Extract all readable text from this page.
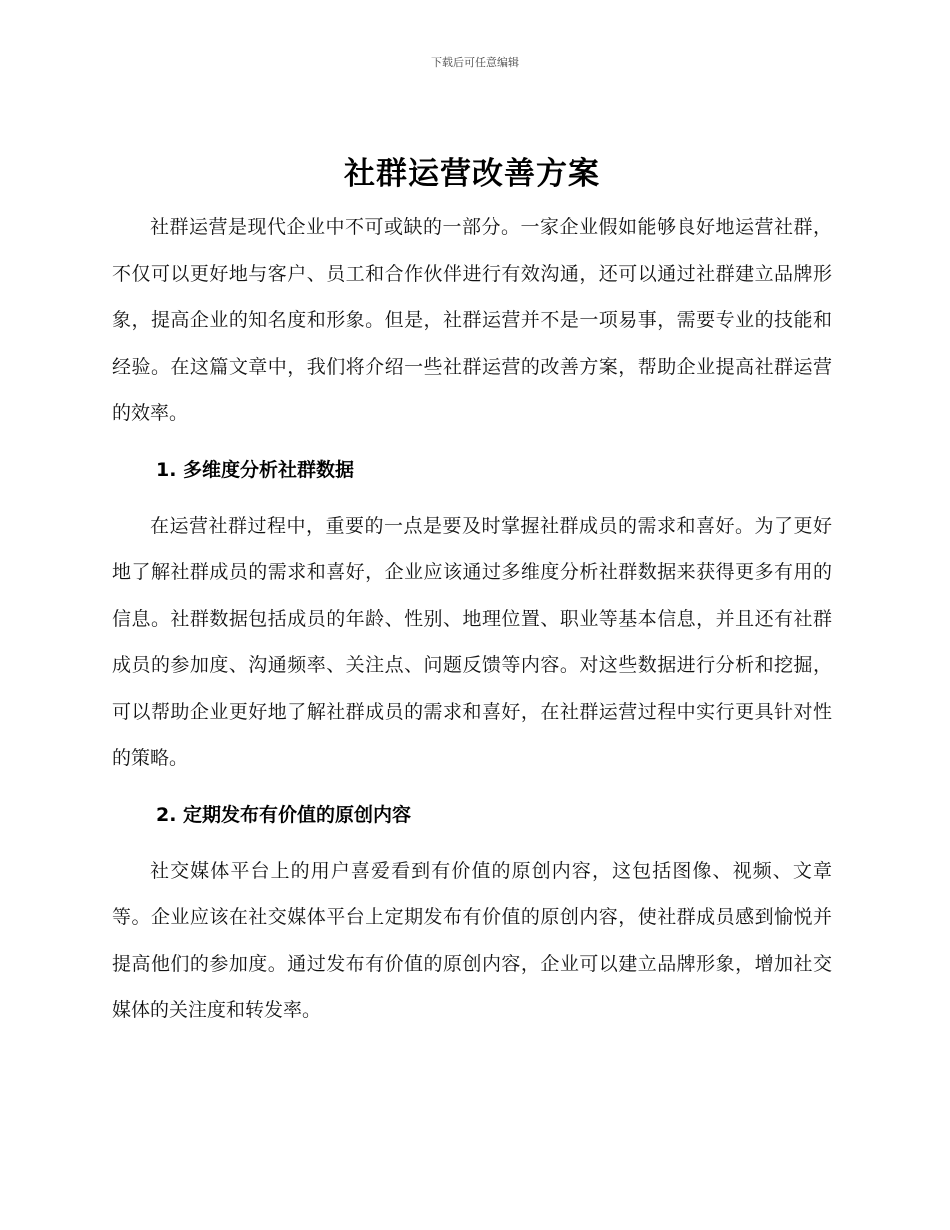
下载后可任意编辑
社群运营改善方案

社群运营是现代企业中不可或缺的一部分。一家企业假如能够良好地运营社群，不仅可以更好地与客户、员工和合作伙伴进行有效沟通，还可以通过社群建立品牌形象，提高企业的知名度和形象。但是，社群运营并不是一项易事，需要专业的技能和经验。在这篇文章中，我们将介绍一些社群运营的改善方案，帮助企业提高社群运营的效率。

1. 多维度分析社群数据

在运营社群过程中，重要的一点是要及时掌握社群成员的需求和喜好。为了更好地了解社群成员的需求和喜好，企业应该通过多维度分析社群数据来获得更多有用的信息。社群数据包括成员的年龄、性别、地理位置、职业等基本信息，并且还有社群成员的参加度、沟通频率、关注点、问题反馈等内容。对这些数据进行分析和挖掘，可以帮助企业更好地了解社群成员的需求和喜好，在社群运营过程中实行更具针对性的策略。

2. 定期发布有价值的原创内容

社交媒体平台上的用户喜爱看到有价值的原创内容，这包括图像、视频、文章等。企业应该在社交媒体平台上定期发布有价值的原创内容，使社群成员感到愉悦并提高他们的参加度。通过发布有价值的原创内容，企业可以建立品牌形象，增加社交媒体的关注度和转发率。
